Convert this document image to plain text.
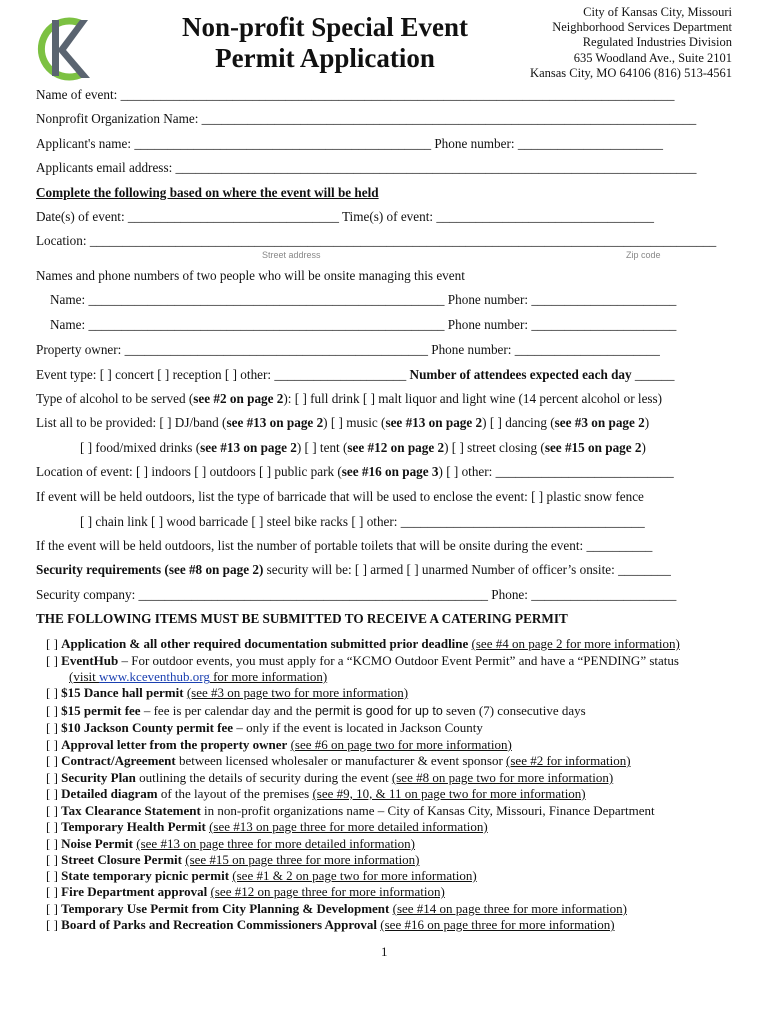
Non-profit Special Event
Permit Application
City of Kansas City, Missouri
Neighborhood Services Department
Regulated Industries Division
635 Woodland Ave., Suite 2101
Kansas City, MO 64106 (816) 513-4561
Name of event: ____________________________________________________________________________________
Nonprofit Organization Name: ___________________________________________________________________________
Applicant's name: _____________________________________________ Phone number: ______________________
Applicants email address: _______________________________________________________________________________
Complete the following based on where the event will be held
Date(s) of event: ________________________________ Time(s) of event: _________________________________
Location: _______________________________________________________________________________________________
Street address	Zip code
Names and phone numbers of two people who will be onsite managing this event
Name: ______________________________________________________ Phone number: ______________________
Name: ______________________________________________________ Phone number: ______________________
Property owner: ______________________________________________ Phone number: ______________________
Event type: [ ] concert [ ] reception [ ] other: ____________________ Number of attendees expected each day ______
Type of alcohol to be served (see #2 on page 2): [ ] full drink [ ] malt liquor and light wine (14 percent alcohol or less)
List all to be provided: [ ] DJ/band (see #13 on page 2) [ ] music (see #13 on page 2) [ ] dancing (see #3 on page 2)
[ ] food/mixed drinks (see #13 on page 2) [ ] tent (see #12 on page 2) [ ] street closing (see #15 on page 2)
Location of event: [ ] indoors [ ] outdoors [ ] public park (see #16 on page 3) [ ] other: ___________________________
If event will be held outdoors, list the type of barricade that will be used to enclose the event: [ ] plastic snow fence
[ ] chain link [ ] wood barricade [ ] steel bike racks [ ] other: _____________________________________
If the event will be held outdoors, list the number of portable toilets that will be onsite during the event: __________
Security requirements (see #8 on page 2) security will be: [ ] armed [ ] unarmed Number of officer’s onsite: ________
Security company: _____________________________________________________ Phone: ______________________
THE FOLLOWING ITEMS MUST BE SUBMITTED TO RECEIVE A CATERING PERMIT
[ ] Application & all other required documentation submitted prior deadline (see #4 on page 2 for more information)
[ ] EventHub – For outdoor events, you must apply for a “KCMO Outdoor Event Permit” and have a “PENDING” status
(visit www.kceventhub.org for more information)
[ ] $15 Dance hall permit (see #3 on page two for more information)
[ ] $15 permit fee – fee is per calendar day and the permit is good for up to seven (7) consecutive days
[ ] $10 Jackson County permit fee – only if the event is located in Jackson County
[ ] Approval letter from the property owner (see #6 on page two for more information)
[ ] Contract/Agreement between licensed wholesaler or manufacturer & event sponsor (see #2 for information)
[ ] Security Plan outlining the details of security during the event (see #8 on page two for more information)
[ ] Detailed diagram of the layout of the premises (see #9, 10, & 11 on page two for more information)
[ ] Tax Clearance Statement in non-profit organizations name – City of Kansas City, Missouri, Finance Department
[ ] Temporary Health Permit (see #13 on page three for more detailed information)
[ ] Noise Permit (see #13 on page three for more detailed information)
[ ] Street Closure Permit (see #15 on page three for more information)
[ ] State temporary picnic permit (see #1 & 2 on page two for more information)
[ ] Fire Department approval (see #12 on page three for more information)
[ ] Temporary Use Permit from City Planning & Development (see #14 on page three for more information)
[ ] Board of Parks and Recreation Commissioners Approval (see #16 on page three for more information)
1
